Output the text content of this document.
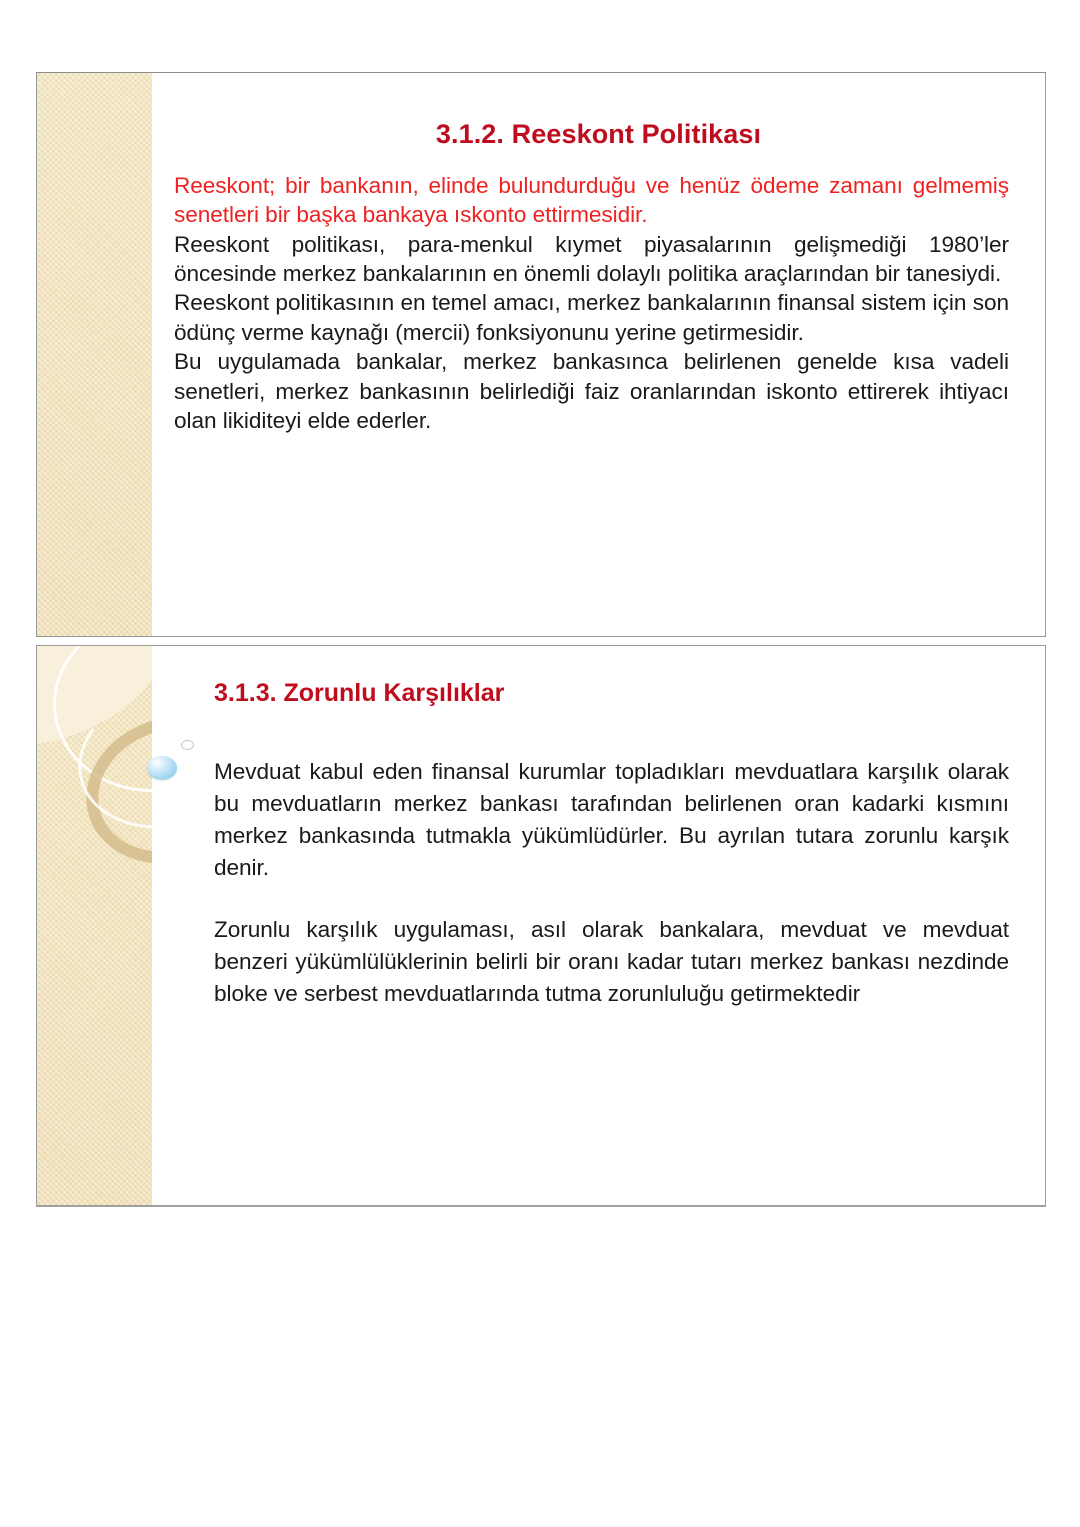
3.1.2. Reeskont Politikası

Reeskont; bir bankanın, elinde bulundurduğu ve henüz ödeme zamanı gelmemiş senetleri bir başka bankaya ıskonto ettirmesidir.

Reeskont politikası, para-menkul kıymet piyasalarının gelişmediği 1980’ler öncesinde merkez bankalarının en önemli dolaylı politika araçlarından bir tanesiydi.

Reeskont politikasının en temel amacı, merkez bankalarının finansal sistem için son ödünç verme kaynağı (mercii) fonksiyonunu yerine getirmesidir.

Bu uygulamada bankalar, merkez bankasınca belirlenen genelde kısa vadeli senetleri, merkez bankasının belirlediği faiz oranlarından iskonto ettirerek ihtiyacı olan likiditeyi elde ederler.

3.1.3. Zorunlu Karşılıklar

Mevduat kabul eden finansal kurumlar topladıkları mevduatlara karşılık olarak bu mevduatların merkez bankası tarafından belirlenen oran kadarki kısmını merkez bankasında tutmakla yükümlüdürler. Bu ayrılan tutara zorunlu karşık denir.

Zorunlu karşılık uygulaması, asıl olarak bankalara, mevduat ve mevduat benzeri yükümlülüklerinin belirli bir oranı kadar tutarı merkez bankası nezdinde bloke ve serbest mevduatlarında tutma zorunluluğu getirmektedir
